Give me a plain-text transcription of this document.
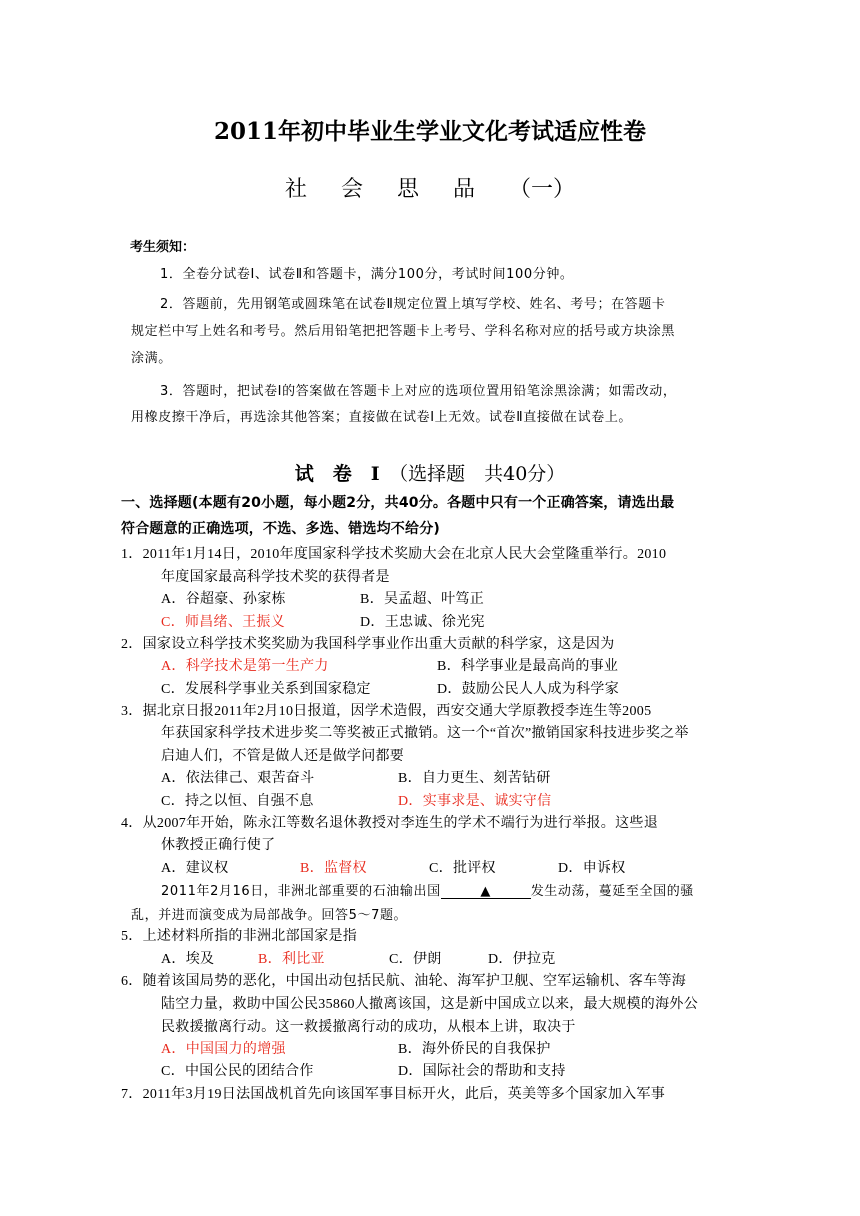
2011年初中毕业生学业文化考试适应性卷
社 会 思 品 （一）
考生须知：
1．全卷分试卷Ⅰ、试卷Ⅱ和答题卡，满分100分，考试时间100分钟。
2．答题前，先用钢笔或圆珠笔在试卷Ⅱ规定位置上填写学校、姓名、考号；在答题卡
规定栏中写上姓名和考号。然后用铅笔把把答题卡上考号、学科名称对应的括号或方块涂黑
涂满。
3．答题时，把试卷Ⅰ的答案做在答题卡上对应的选项位置用铅笔涂黑涂满；如需改动，
用橡皮擦干净后，再选涂其他答案；直接做在试卷Ⅰ上无效。试卷Ⅱ直接做在试卷上。
试　卷　Ⅰ　 （选择题　共40分）
一、选择题(本题有20小题，每小题2分，共40分。各题中只有一个正确答案，请选出最
符合题意的正确选项，不选、多选、错选均不给分)
1．2011年1月14日，2010年度国家科学技术奖励大会在北京人民大会堂隆重举行。2010
年度国家最高科学技术奖的获得者是
A．谷超豪、孙家栋	B．吴孟超、叶笃正
C．师昌绪、王振义	D．王忠诚、徐光宪
2．国家设立科学技术奖奖励为我国科学事业作出重大贡献的科学家，这是因为
A．科学技术是第一生产力	B．科学事业是最高尚的事业
C．发展科学事业关系到国家稳定	D．鼓励公民人人成为科学家
3．据北京日报2011年2月10日报道，因学术造假，西安交通大学原教授李连生等2005
年获国家科学技术进步奖二等奖被正式撤销。这一个“首次”撤销国家科技进步奖之举
启迪人们，不管是做人还是做学问都要
A．依法律己、艰苦奋斗	B．自力更生、刻苦钻研
C．持之以恒、自强不息	D．实事求是、诚实守信
4．从2007年开始，陈永江等数名退休教授对李连生的学术不端行为进行举报。这些退
休教授正确行使了
A．建议权	B．监督权	C．批评权	D．申诉权
2011年2月16日，非洲北部重要的石油输出国	▲	发生动荡，蔓延至全国的骚
乱，并进而演变成为局部战争。回答5～7题。
5．上述材料所指的非洲北部国家是指
A．埃及	B．利比亚	C．伊朗	D．伊拉克
6．随着该国局势的恶化，中国出动包括民航、油轮、海军护卫舰、空军运输机、客车等海
陆空力量，救助中国公民35860人撤离该国，这是新中国成立以来，最大规模的海外公
民救援撤离行动。这一救援撤离行动的成功，从根本上讲，取决于
A．中国国力的增强	B．海外侨民的自我保护
C．中国公民的团结合作	D．国际社会的帮助和支持
7．2011年3月19日法国战机首先向该国军事目标开火，此后，英美等多个国家加入军事
